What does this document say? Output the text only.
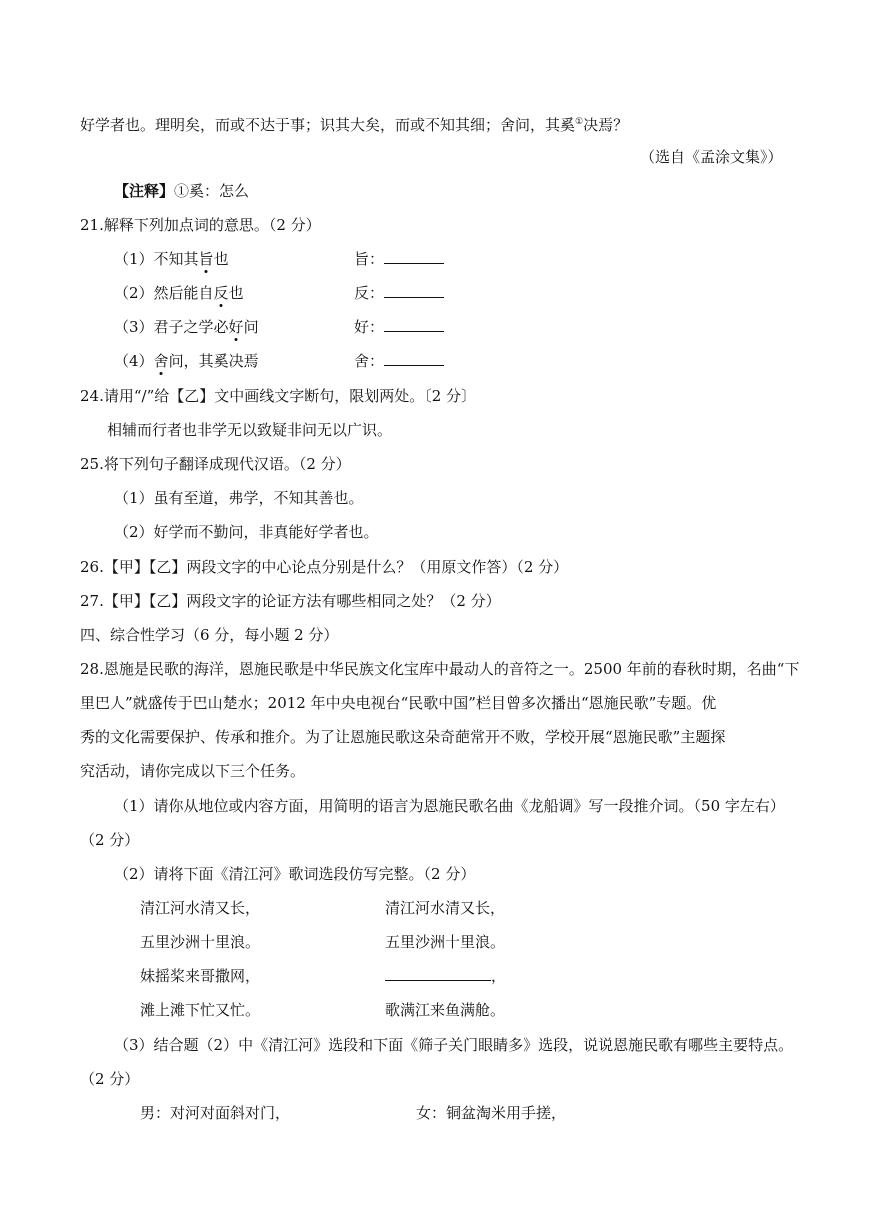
好学者也。理明矣，而或不达于事；识其大矣，而或不知其细；舍问，其奚①决焉？
（选自《孟涂文集》）
【注释】①奚：怎么
21.解释下列加点词的意思。（2 分）
（1）不知其旨也	旨：
（2）然后能自反也	反：
（3）君子之学必好问	好：
（4）舍问，其奚决焉	舍：
24.请用“/”给【乙】文中画线文字断句，限划两处。〔2 分〕
相辅而行者也非学无以致疑非问无以广识。
25.将下列句子翻译成现代汉语。（2 分）
（1）虽有至道，弗学，不知其善也。
（2）好学而不勤问，非真能好学者也。
26.【甲】【乙】两段文字的中心论点分别是什么？（用原文作答）（2 分）
27.【甲】【乙】两段文字的论证方法有哪些相同之处？（2 分）
四、综合性学习（6 分，每小题 2 分）
28.恩施是民歌的海洋，恩施民歌是中华民族文化宝库中最动人的音符之一。2500 年前的春秋时期，名曲“下
里巴人”就盛传于巴山楚水；2012 年中央电视台“民歌中国”栏目曾多次播出“恩施民歌”专题。优
秀的文化需要保护、传承和推介。为了让恩施民歌这朵奇葩常开不败，学校开展“恩施民歌”主题探
究活动，请你完成以下三个任务。
（1）请你从地位或内容方面，用简明的语言为恩施民歌名曲《龙船调》写一段推介词。（50 字左右）
（2 分）
（2）请将下面《清江河》歌词选段仿写完整。（2 分）
清江河水清又长，	清江河水清又长，
五里沙洲十里浪。	五里沙洲十里浪。
妹摇桨来哥撒网，	，
滩上滩下忙又忙。	歌满江来鱼满舱。
（3）结合题（2）中《清江河》选段和下面《筛子关门眼睛多》选段，说说恩施民歌有哪些主要特点。
（2 分）
男：对河对面斜对门，	女：铜盆淘米用手搓，
